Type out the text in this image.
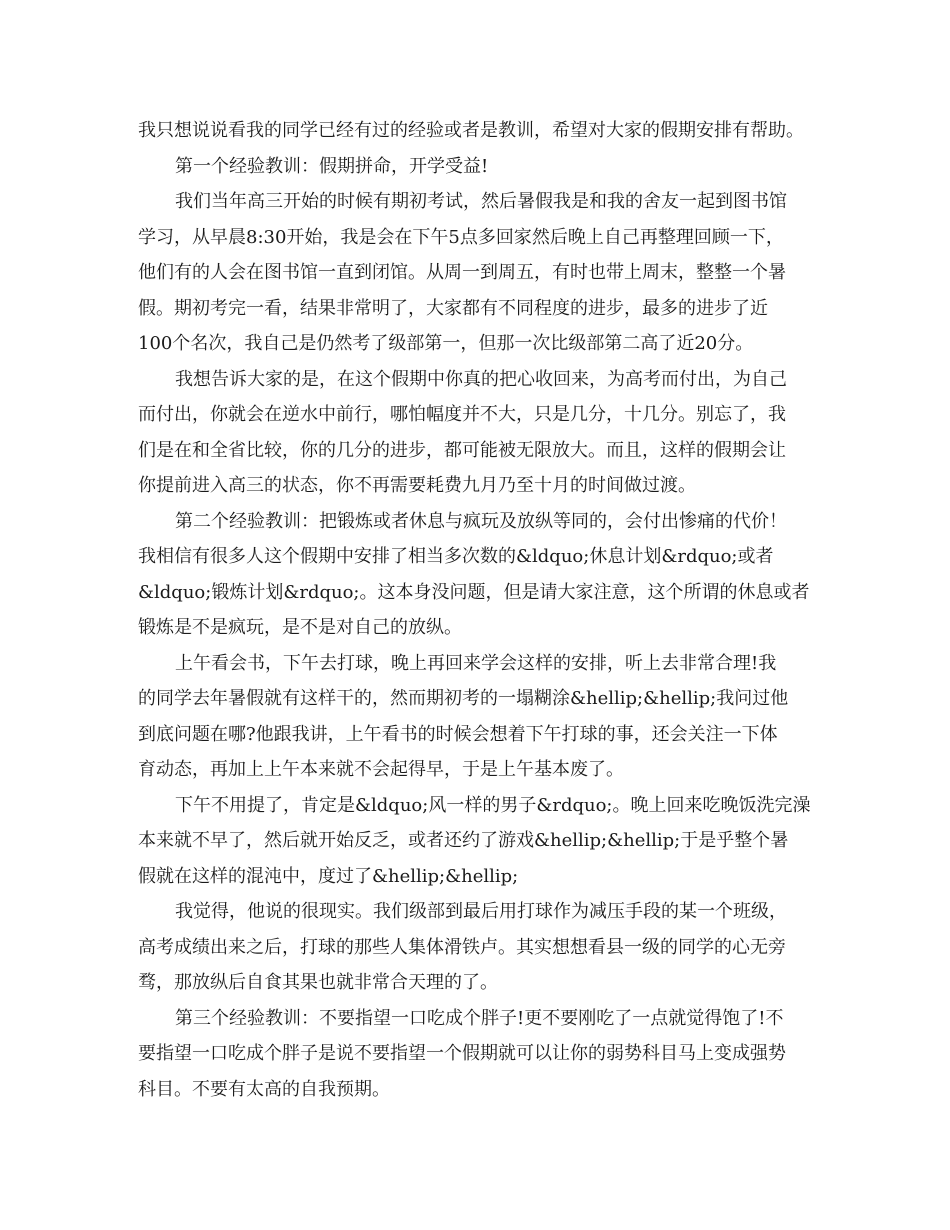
我只想说说看我的同学已经有过的经验或者是教训，希望对大家的假期安排有帮助。

第一个经验教训：假期拼命，开学受益!

我们当年高三开始的时候有期初考试，然后暑假我是和我的舍友一起到图书馆
学习，从早晨8:30开始，我是会在下午5点多回家然后晚上自己再整理回顾一下，
他们有的人会在图书馆一直到闭馆。从周一到周五，有时也带上周末，整整一个暑
假。期初考完一看，结果非常明了，大家都有不同程度的进步，最多的进步了近
100个名次，我自己是仍然考了级部第一，但那一次比级部第二高了近20分。

我想告诉大家的是，在这个假期中你真的把心收回来，为高考而付出，为自己
而付出，你就会在逆水中前行，哪怕幅度并不大，只是几分，十几分。别忘了，我
们是在和全省比较，你的几分的进步，都可能被无限放大。而且，这样的假期会让
你提前进入高三的状态，你不再需要耗费九月乃至十月的时间做过渡。

第二个经验教训：把锻炼或者休息与疯玩及放纵等同的，会付出惨痛的代价！
我相信有很多人这个假期中安排了相当多次数的&ldquo;休息计划&rdquo;或者
&ldquo;锻炼计划&rdquo;。这本身没问题，但是请大家注意，这个所谓的休息或者
锻炼是不是疯玩，是不是对自己的放纵。

上午看会书，下午去打球，晚上再回来学会这样的安排，听上去非常合理!我
的同学去年暑假就有这样干的，然而期初考的一塌糊涂&hellip;&hellip;我问过他
到底问题在哪?他跟我讲，上午看书的时候会想着下午打球的事，还会关注一下体
育动态，再加上上午本来就不会起得早，于是上午基本废了。

下午不用提了，肯定是&ldquo;风一样的男子&rdquo;。晚上回来吃晚饭洗完澡
本来就不早了，然后就开始反乏，或者还约了游戏&hellip;&hellip;于是乎整个暑
假就在这样的混沌中，度过了&hellip;&hellip;

我觉得，他说的很现实。我们级部到最后用打球作为减压手段的某一个班级，
高考成绩出来之后，打球的那些人集体滑铁卢。其实想想看县一级的同学的心无旁
骛，那放纵后自食其果也就非常合天理的了。

第三个经验教训：不要指望一口吃成个胖子!更不要刚吃了一点就觉得饱了!不
要指望一口吃成个胖子是说不要指望一个假期就可以让你的弱势科目马上变成强势
科目。不要有太高的自我预期。
